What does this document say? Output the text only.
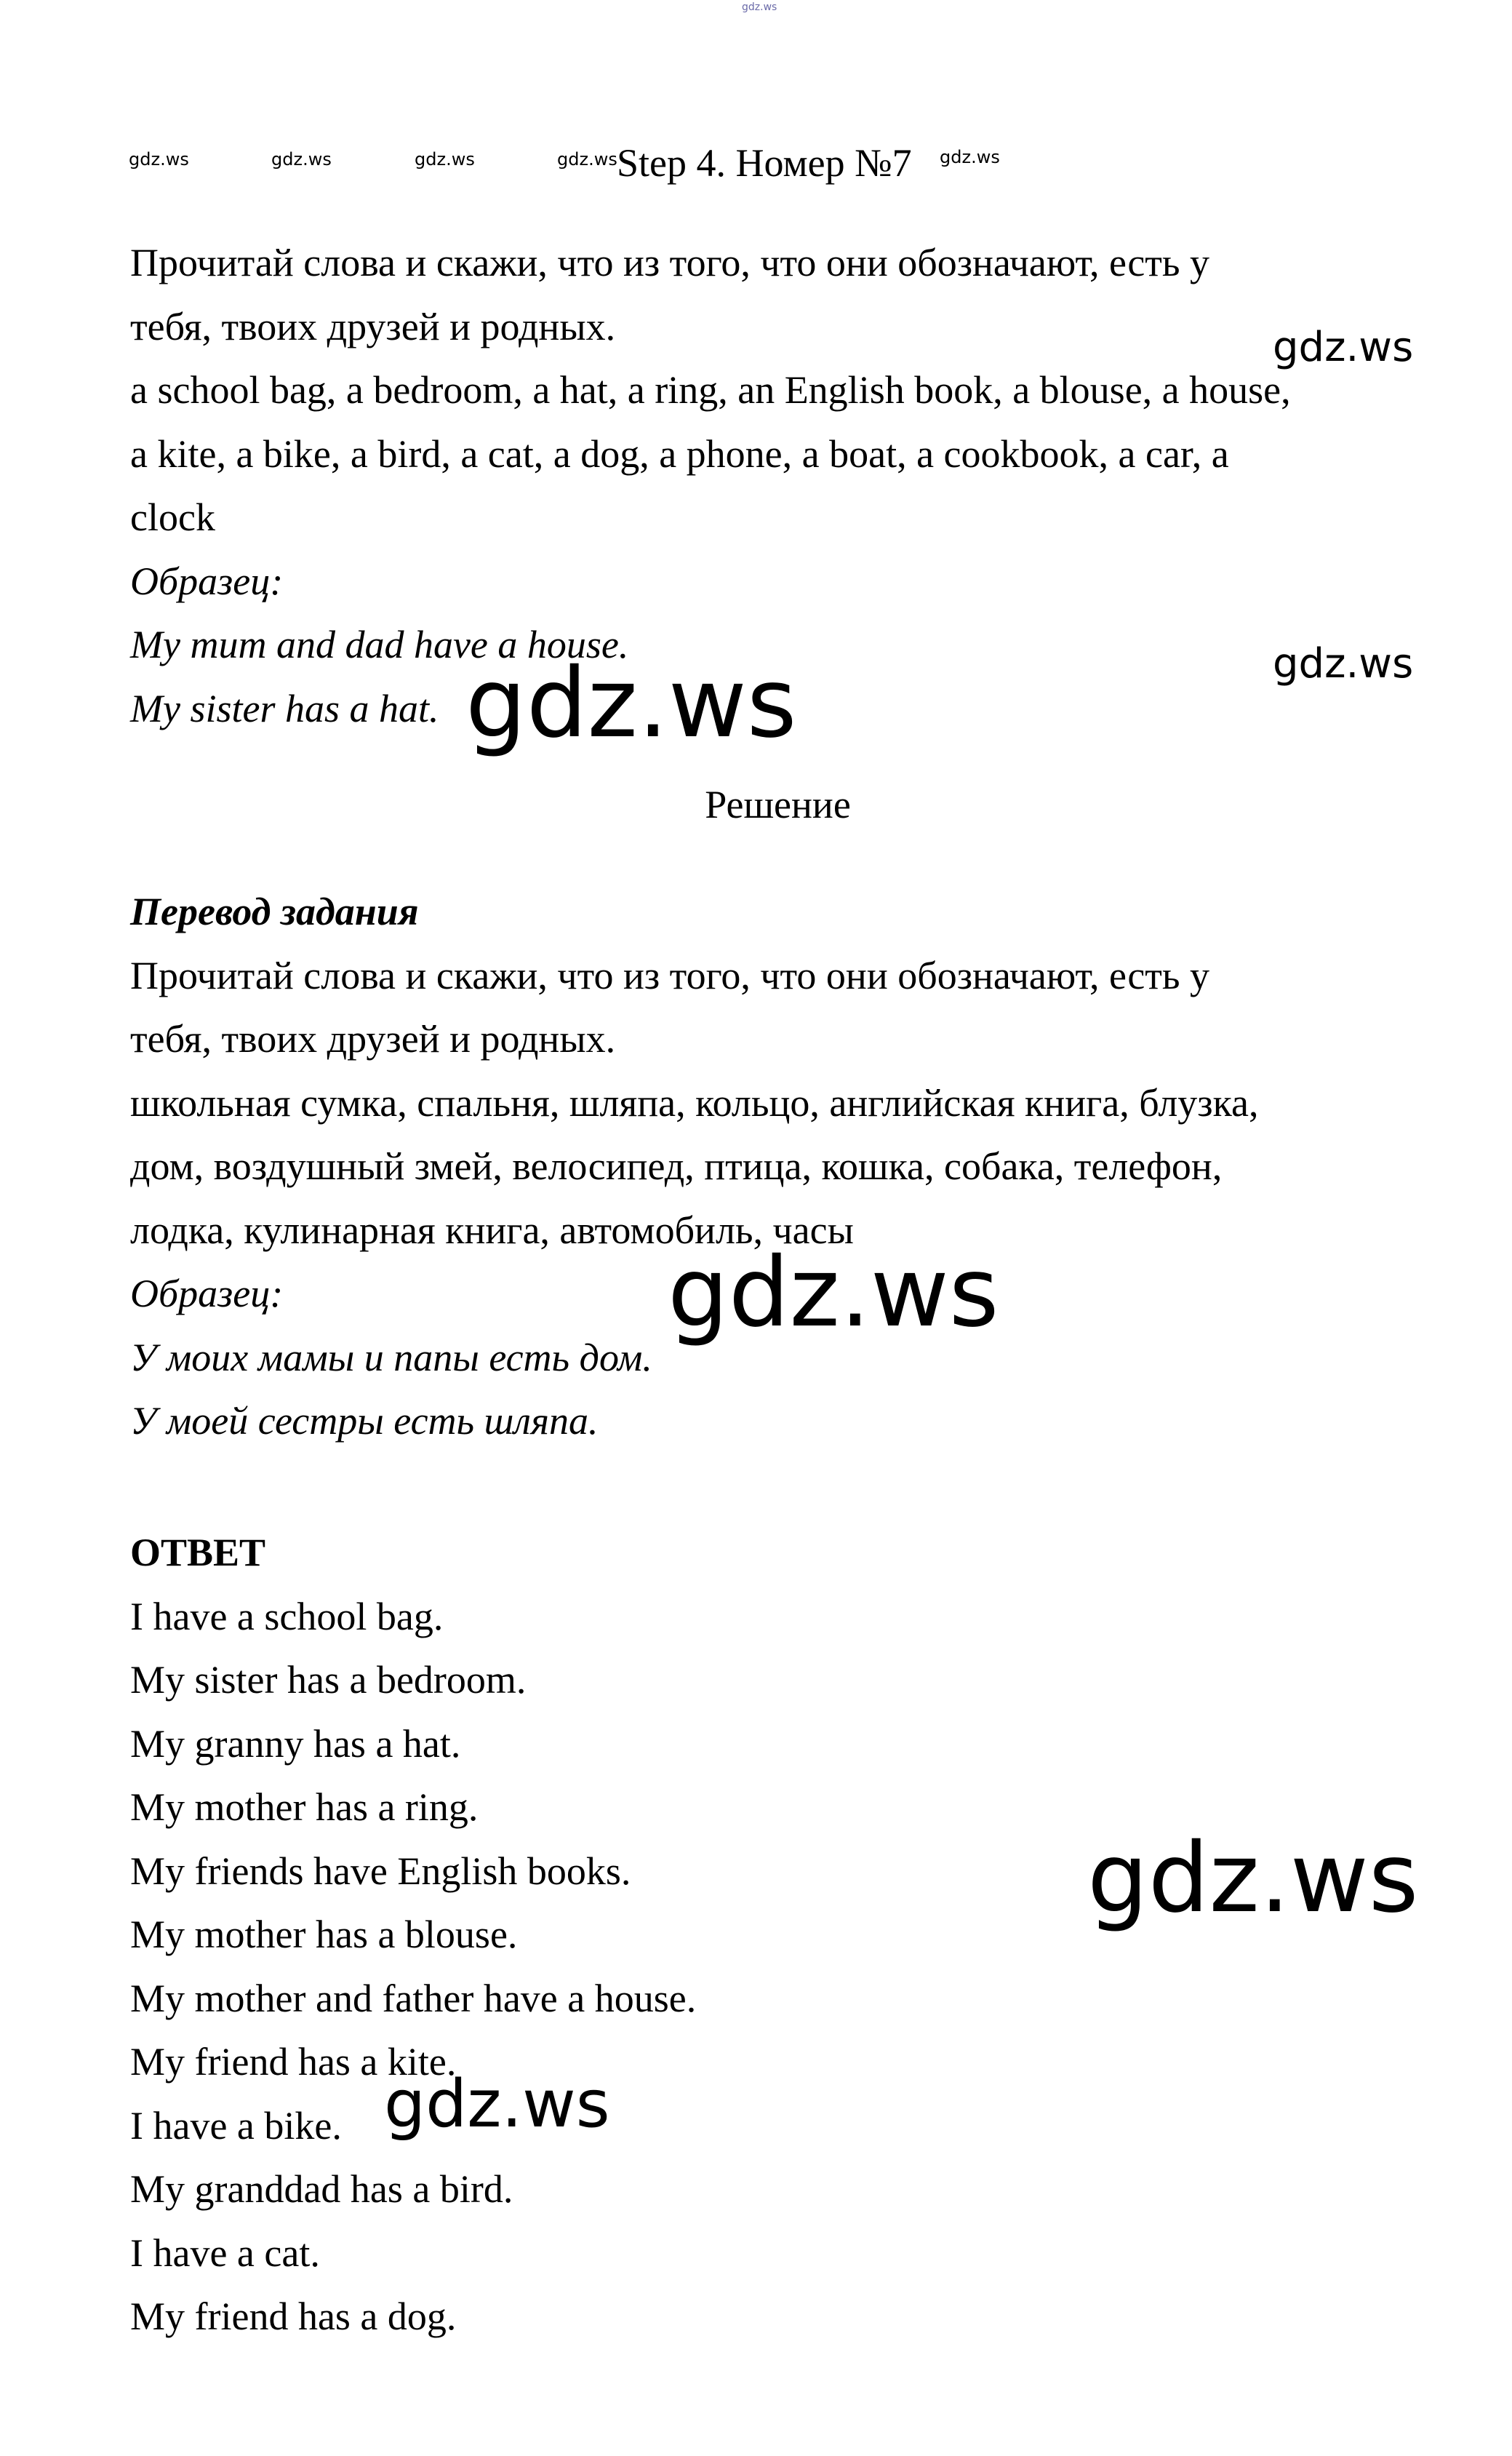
gdz.ws
gdz.ws	gdz.ws	gdz.ws	gdz.ws	gdz.ws
gdz.ws
gdz.ws
gdz.ws
gdz.ws
gdz.ws
gdz.ws
Step 4. Номер №7

Прочитай слова и скажи, что из того, что они обозначают, есть у

тебя, твоих друзей и родных.

a school bag, a bedroom, a hat, a ring, an English book, a blouse, a house,

a kite, a bike, a bird, a cat, a dog, a phone, a boat, a cookbook, a car, a

clock

Образец:

My mum and dad have a house.

My sister has a hat.

Решение

Перевод задания

Прочитай слова и скажи, что из того, что они обозначают, есть у

тебя, твоих друзей и родных.

школьная сумка, спальня, шляпа, кольцо, английская книга, блузка,

дом, воздушный змей, велосипед, птица, кошка, собака, телефон,

лодка, кулинарная книга, автомобиль, часы

Образец:

У моих мамы и папы есть дом.

У моей сестры есть шляпа.

ОТВЕТ

I have a school bag.

My sister has a bedroom.

My granny has a hat.

My mother has a ring.

My friends have English books.

My mother has a blouse.

My mother and father have a house.

My friend has a kite.

I have a bike.

My granddad has a bird.

I have a cat.

My friend has a dog.
